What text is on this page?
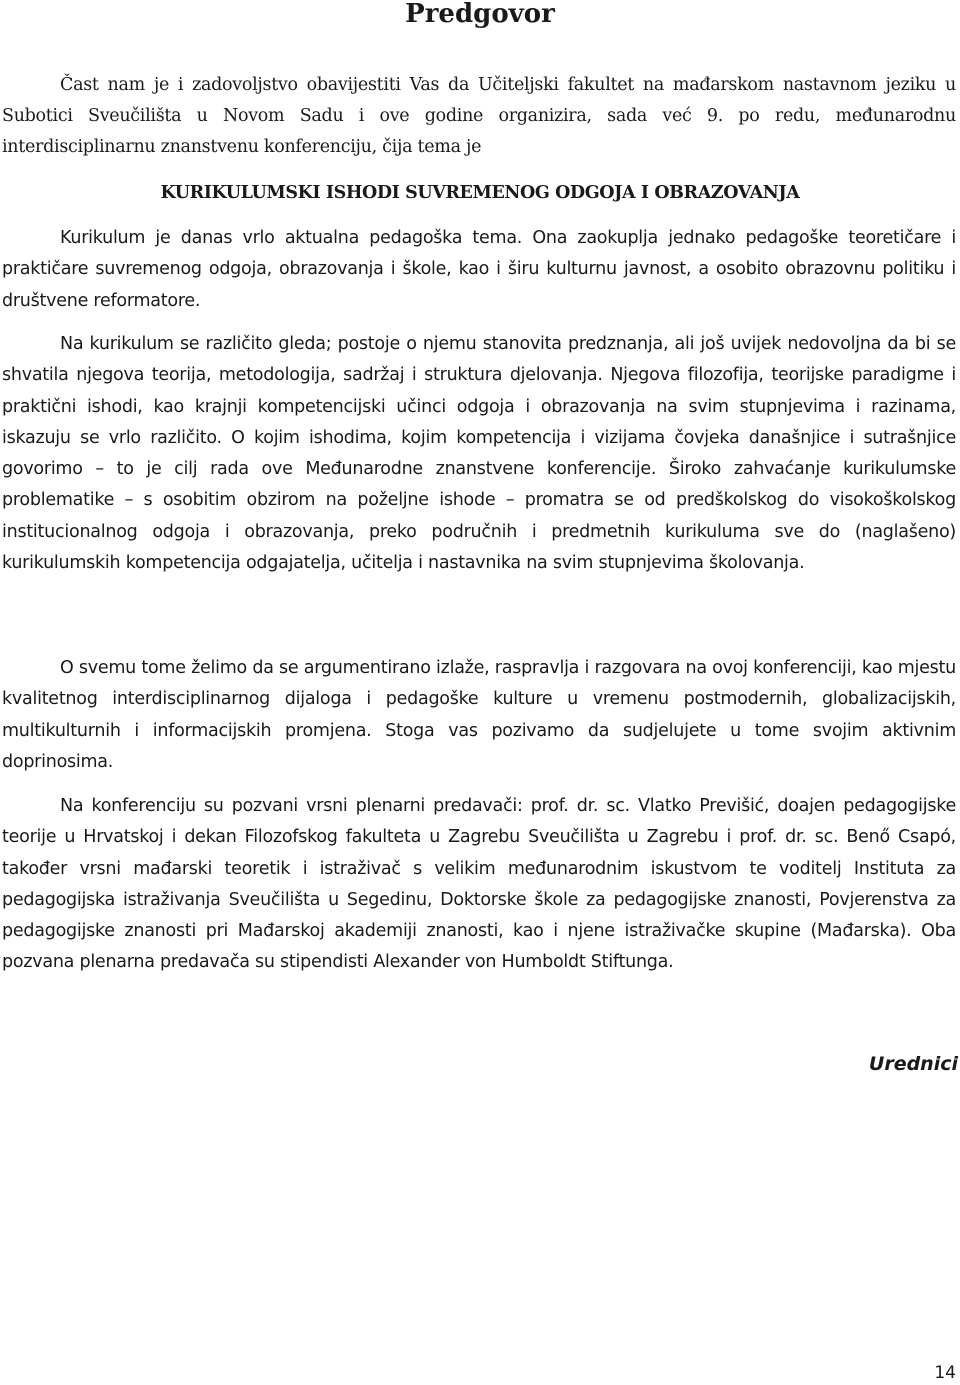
Predgovor

Čast nam je i zadovoljstvo obavijestiti Vas da Učiteljski fakultet na mađarskom nastavnom jeziku u Subotici Sveučilišta u Novom Sadu i ove godine organizira, sada već 9. po redu, međunarodnu interdisciplinarnu znanstvenu konferenciju, čija tema je

KURIKULUMSKI ISHODI SUVREMENOG ODGOJA I OBRAZOVANJA

Kurikulum je danas vrlo aktualna pedagoška tema. Ona zaokuplja jednako pedagoške teoretičare i praktičare suvremenog odgoja, obrazovanja i škole, kao i širu kulturnu javnost, a osobito obrazovnu politiku i društvene reformatore.

Na kurikulum se različito gleda; postoje o njemu stanovita predznanja, ali još uvijek nedovoljna da bi se shvatila njegova teorija, metodologija, sadržaj i struktura djelovanja. Njegova filozofija, teorijske paradigme i praktični ishodi, kao krajnji kompetencijski učinci odgoja i obrazovanja na svim stupnjevima i razinama, iskazuju se vrlo različito. O kojim ishodima, kojim kompetencija i vizijama čovjeka današnjice i sutrašnjice govorimo – to je cilj rada ove Međunarodne znanstvene konferencije. Široko zahvaćanje kurikulumske problematike – s osobitim obzirom na poželjne ishode – promatra se od predškolskog do visokoškolskog institucionalnog odgoja i obrazovanja, preko područnih i predmetnih kurikuluma sve do (naglašeno) kurikulumskih kompetencija odgajatelja, učitelja i nastavnika na svim stupnjevima školovanja.

O svemu tome želimo da se argumentirano izlaže, raspravlja i razgovara na ovoj konferenciji, kao mjestu kvalitetnog interdisciplinarnog dijaloga i pedagoške kulture u vremenu postmodernih, globalizacijskih, multikulturnih i informacijskih promjena. Stoga vas pozivamo da sudjelujete u tome svojim aktivnim doprinosima.

Na konferenciju su pozvani vrsni plenarni predavači: prof. dr. sc. Vlatko Previšić, doajen pedagogijske teorije u Hrvatskoj i dekan Filozofskog fakulteta u Zagrebu Sveučilišta u Zagrebu i prof. dr. sc. Benő Csapó, također vrsni mađarski teoretik i istraživač s velikim međunarodnim iskustvom te voditelj Instituta za pedagogijska istraživanja Sveučilišta u Segedinu, Doktorske škole za pedagogijske znanosti, Povjerenstva za pedagogijske znanosti pri Mađarskoj akademiji znanosti, kao i njene istraživačke skupine (Mađarska). Oba pozvana plenarna predavača su stipendisti Alexander von Humboldt Stiftunga.

Urednici

14
